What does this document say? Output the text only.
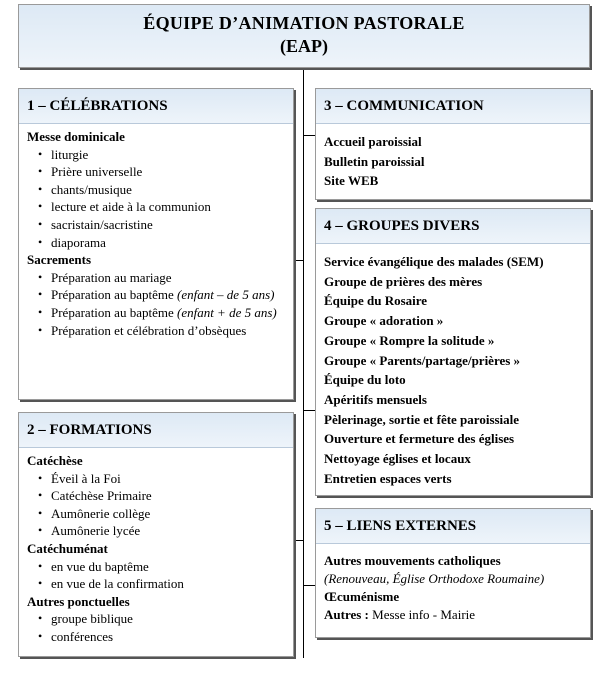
ÉQUIPE D’ANIMATION PASTORALE
(EAP)
1 – CÉLÉBRATIONS
Messe dominicale
• liturgie
• Prière universelle
• chants/musique
• lecture et aide à la communion
• sacristain/sacristine
• diaporama
Sacrements
• Préparation au mariage
• Préparation au baptême (enfant – de 5 ans)
• Préparation au baptême (enfant + de 5 ans)
• Préparation et célébration d’obsèques
2 – FORMATIONS
Catéchèse
• Éveil à la Foi
• Catéchèse Primaire
• Aumônerie collège
• Aumônerie lycée
Catéchuménat
• en vue du baptême
• en vue de la confirmation
Autres ponctuelles
• groupe biblique
• conférences
3 – COMMUNICATION
Accueil paroissial
Bulletin paroissial
Site WEB
4 – GROUPES DIVERS
Service évangélique des malades (SEM)
Groupe de prières des mères
Équipe du Rosaire
Groupe « adoration »
Groupe « Rompre la solitude »
Groupe « Parents/partage/prières »
Équipe du loto
Apéritifs mensuels
Pèlerinage, sortie et fête paroissiale
Ouverture et fermeture des églises
Nettoyage églises et locaux
Entretien espaces verts
5 – LIENS EXTERNES
Autres mouvements catholiques
(Renouveau, Église Orthodoxe Roumaine)
Œcuménisme
Autres : Messe info - Mairie
